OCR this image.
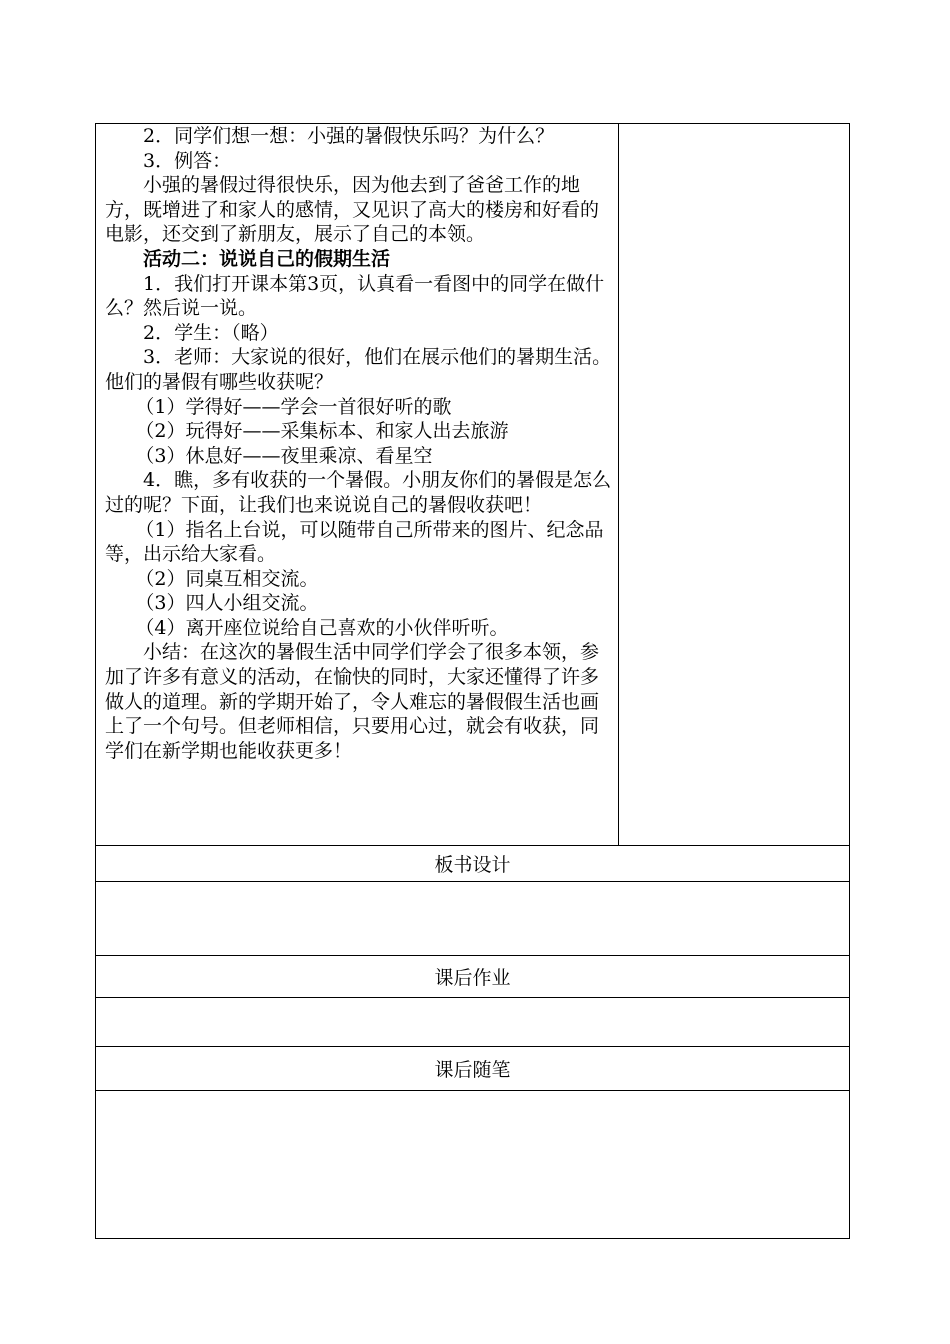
2．同学们想一想：小强的暑假快乐吗？为什么？

3．例答：

小强的暑假过得很快乐，因为他去到了爸爸工作的地方，既增进了和家人的感情，又见识了高大的楼房和好看的电影，还交到了新朋友，展示了自己的本领。

活动二：说说自己的假期生活

1．我们打开课本第3页，认真看一看图中的同学在做什么？然后说一说。

2．学生：（略）

3．老师：大家说的很好，他们在展示他们的暑期生活。他们的暑假有哪些收获呢？

（1）学得好——学会一首很好听的歌

（2）玩得好——采集标本、和家人出去旅游

（3）休息好——夜里乘凉、看星空

4．瞧，多有收获的一个暑假。小朋友你们的暑假是怎么过的呢？下面，让我们也来说说自己的暑假收获吧！

（1）指名上台说，可以随带自己所带来的图片、纪念品等，出示给大家看。

（2）同桌互相交流。

（3）四人小组交流。

（4）离开座位说给自己喜欢的小伙伴听听。

小结：在这次的暑假生活中同学们学会了很多本领，参加了许多有意义的活动，在愉快的同时，大家还懂得了许多做人的道理。新的学期开始了，令人难忘的暑假假生活也画上了一个句号。但老师相信，只要用心过，就会有收获，同学们在新学期也能收获更多！

板书设计
课后作业
课后随笔
